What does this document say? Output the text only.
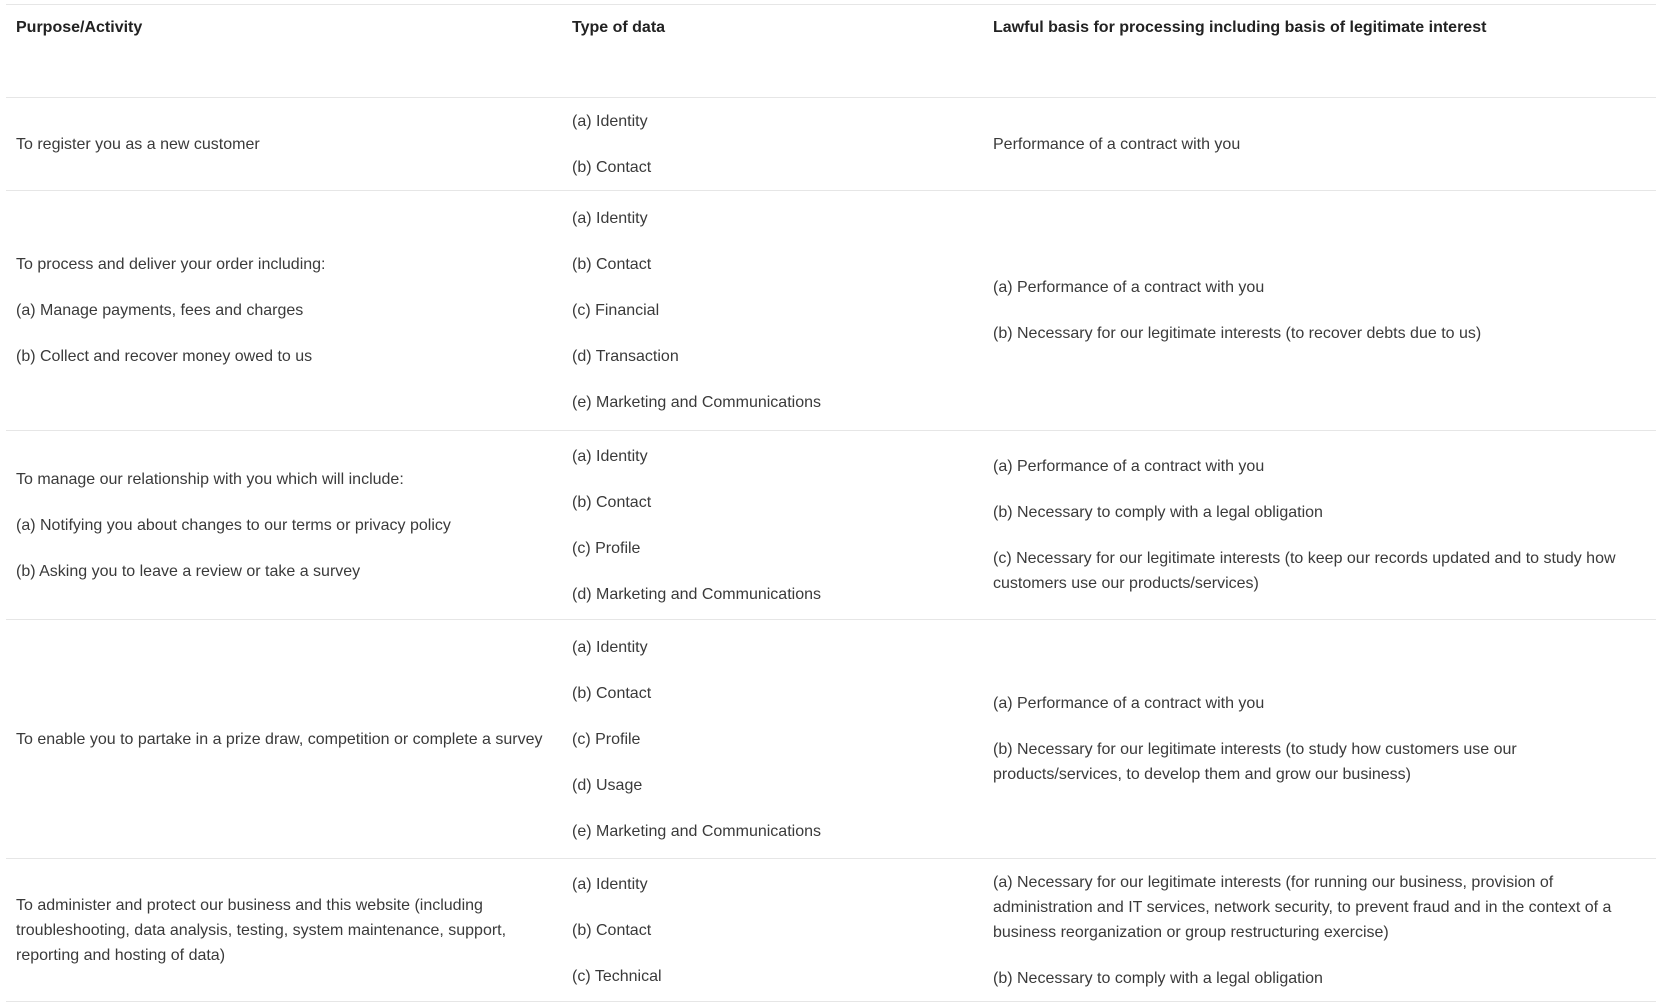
Purpose/Activity	Type of data	Lawful basis for processing including basis of legitimate interest
To register you as a new customer
(a) Identity
(b) Contact
Performance of a contract with you
To process and deliver your order including:
(a) Manage payments, fees and charges
(b) Collect and recover money owed to us
(a) Identity
(b) Contact
(c) Financial
(d) Transaction
(e) Marketing and Communications
(a) Performance of a contract with you
(b) Necessary for our legitimate interests (to recover debts due to us)
To manage our relationship with you which will include:
(a) Notifying you about changes to our terms or privacy policy
(b) Asking you to leave a review or take a survey
(a) Identity
(b) Contact
(c) Profile
(d) Marketing and Communications
(a) Performance of a contract with you
(b) Necessary to comply with a legal obligation
(c) Necessary for our legitimate interests (to keep our records updated and to study how customers use our products/services)
To enable you to partake in a prize draw, competition or complete a survey
(a) Identity
(b) Contact
(c) Profile
(d) Usage
(e) Marketing and Communications
(a) Performance of a contract with you
(b) Necessary for our legitimate interests (to study how customers use our products/services, to develop them and grow our business)
To administer and protect our business and this website (including troubleshooting, data analysis, testing, system maintenance, support, reporting and hosting of data)
(a) Identity
(b) Contact
(c) Technical
(a) Necessary for our legitimate interests (for running our business, provision of administration and IT services, network security, to prevent fraud and in the context of a business reorganization or group restructuring exercise)
(b) Necessary to comply with a legal obligation
